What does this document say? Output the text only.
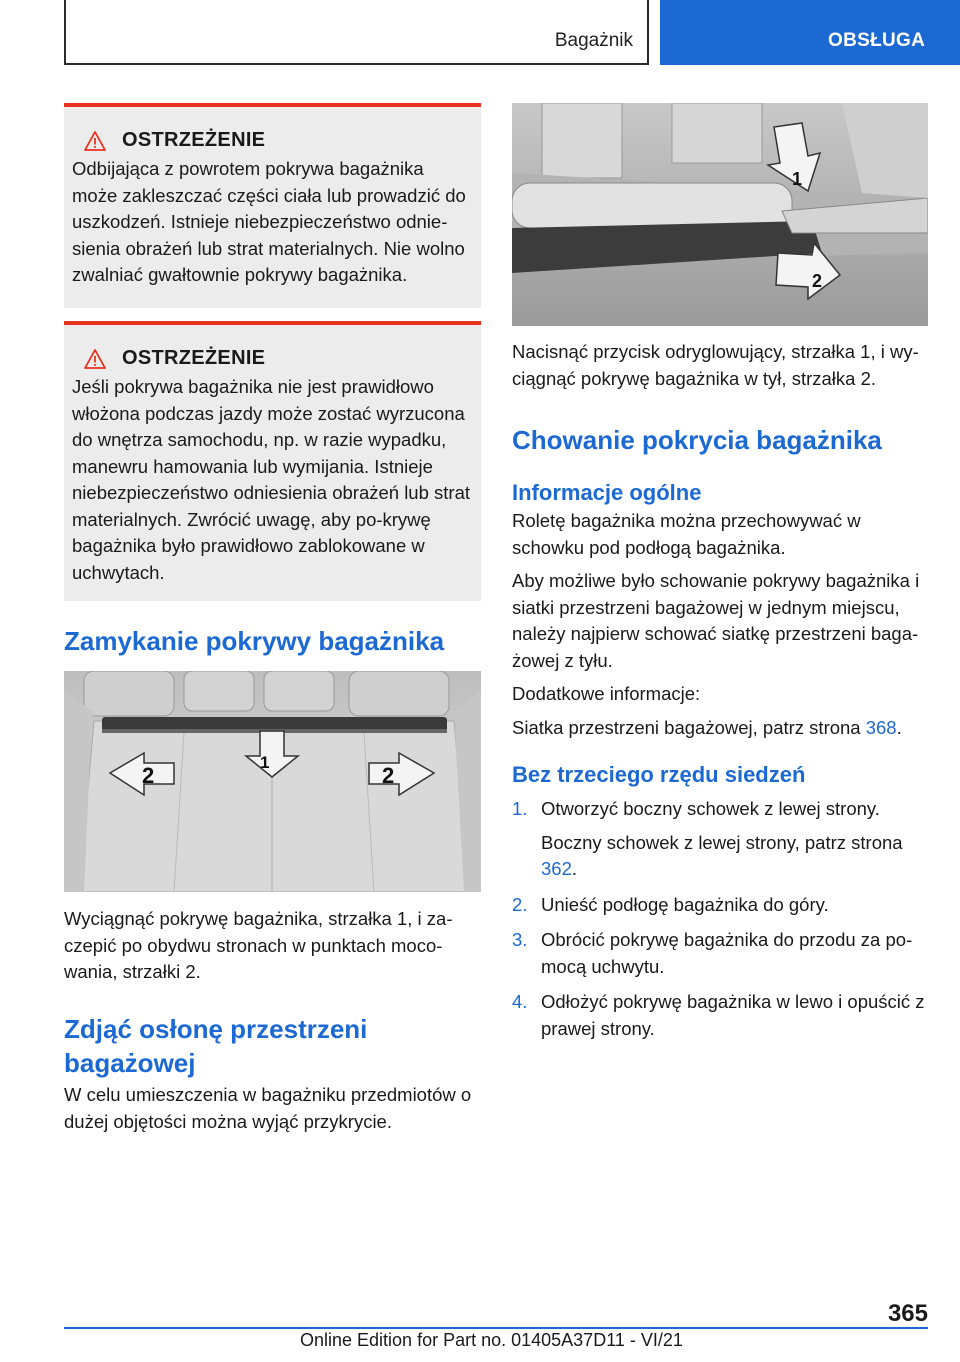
Bagażnik	OBSŁUGA
OSTRZEŻENIE

Odbijająca z powrotem pokrywa bagażnika może zakleszczać części ciała lub prowadzić do uszkodzeń. Istnieje niebezpieczeństwo odnie-sienia obrażeń lub strat materialnych. Nie wolno zwalniać gwałtownie pokrywy bagażnika.

OSTRZEŻENIE

Jeśli pokrywa bagażnika nie jest prawidłowo włożona podczas jazdy może zostać wyrzucona do wnętrza samochodu, np. w razie wypadku, manewru hamowania lub wymijania. Istnieje niebezpieczeństwo odniesienia obrażeń lub strat materialnych. Zwrócić uwagę, aby po-krywę bagażnika było prawidłowo zablokowane w uchwytach.

Zamykanie pokrywy bagażnika
1
2	2

Wyciągnąć pokrywę bagażnika, strzałka 1, i za-czepić po obydwu stronach w punktach moco-wania, strzałki 2.

Zdjąć osłonę przestrzeni bagażowej

W celu umieszczenia w bagażniku przedmiotów o dużej objętości można wyjąć przykrycie.

1
2

Nacisnąć przycisk odryglowujący, strzałka 1, i wy-ciągnąć pokrywę bagażnika w tył, strzałka 2.

Chowanie pokrycia bagażnika
Informacje ogólne

Roletę bagażnika można przechowywać w schowku pod podłogą bagażnika.

Aby możliwe było schowanie pokrywy bagażnika i siatki przestrzeni bagażowej w jednym miejscu, należy najpierw schować siatkę przestrzeni baga-żowej z tyłu.

Dodatkowe informacje:

Siatka przestrzeni bagażowej, patrz strona 368.

Bez trzeciego rzędu siedzeń
1. Otworzyć boczny schowek z lewej strony.
Boczny schowek z lewej strony, patrz strona 362.
2. Unieść podłogę bagażnika do góry.
3. Obrócić pokrywę bagażnika do przodu za po-mocą uchwytu.
4. Odłożyć pokrywę bagażnika w lewo i opuścić z prawej strony.
365
Online Edition for Part no. 01405A37D11 - VI/21
